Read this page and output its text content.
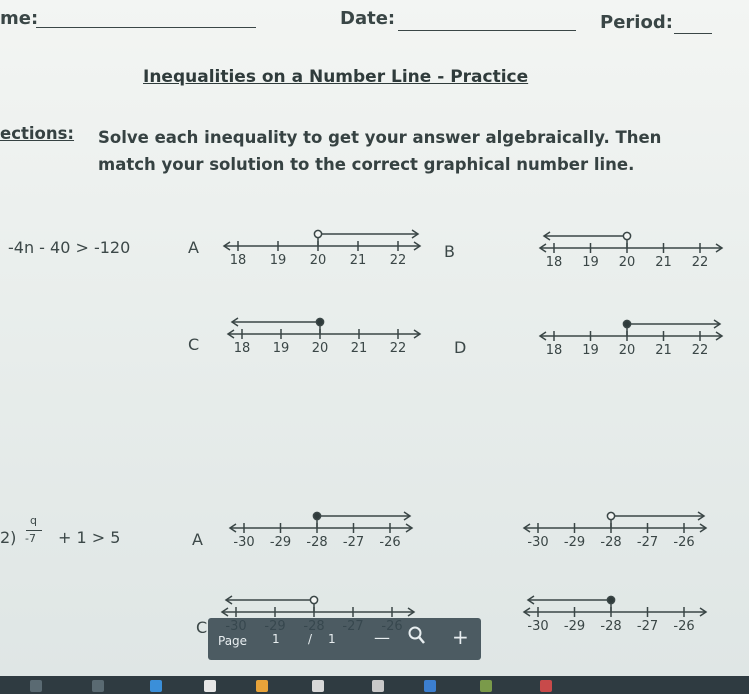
me:	Date:	Period:
Inequalities on a Number Line - Practice
ections: Solve each inequality to get your answer algebraically. Then
match your solution to the correct graphical number line.
-4n - 40 > -120	A
18 19 20 21 22 B
18 19 20 21 22
C	18 19 20 21 22	D	18 19 20 21 22
2)
q
-7 + 1 > 5	A -30 -29 -28 -27 -26	-30 -29 -28 -27 -26
C	-30 -29 -28 -27 -26
Page 1 / 1 —	+
